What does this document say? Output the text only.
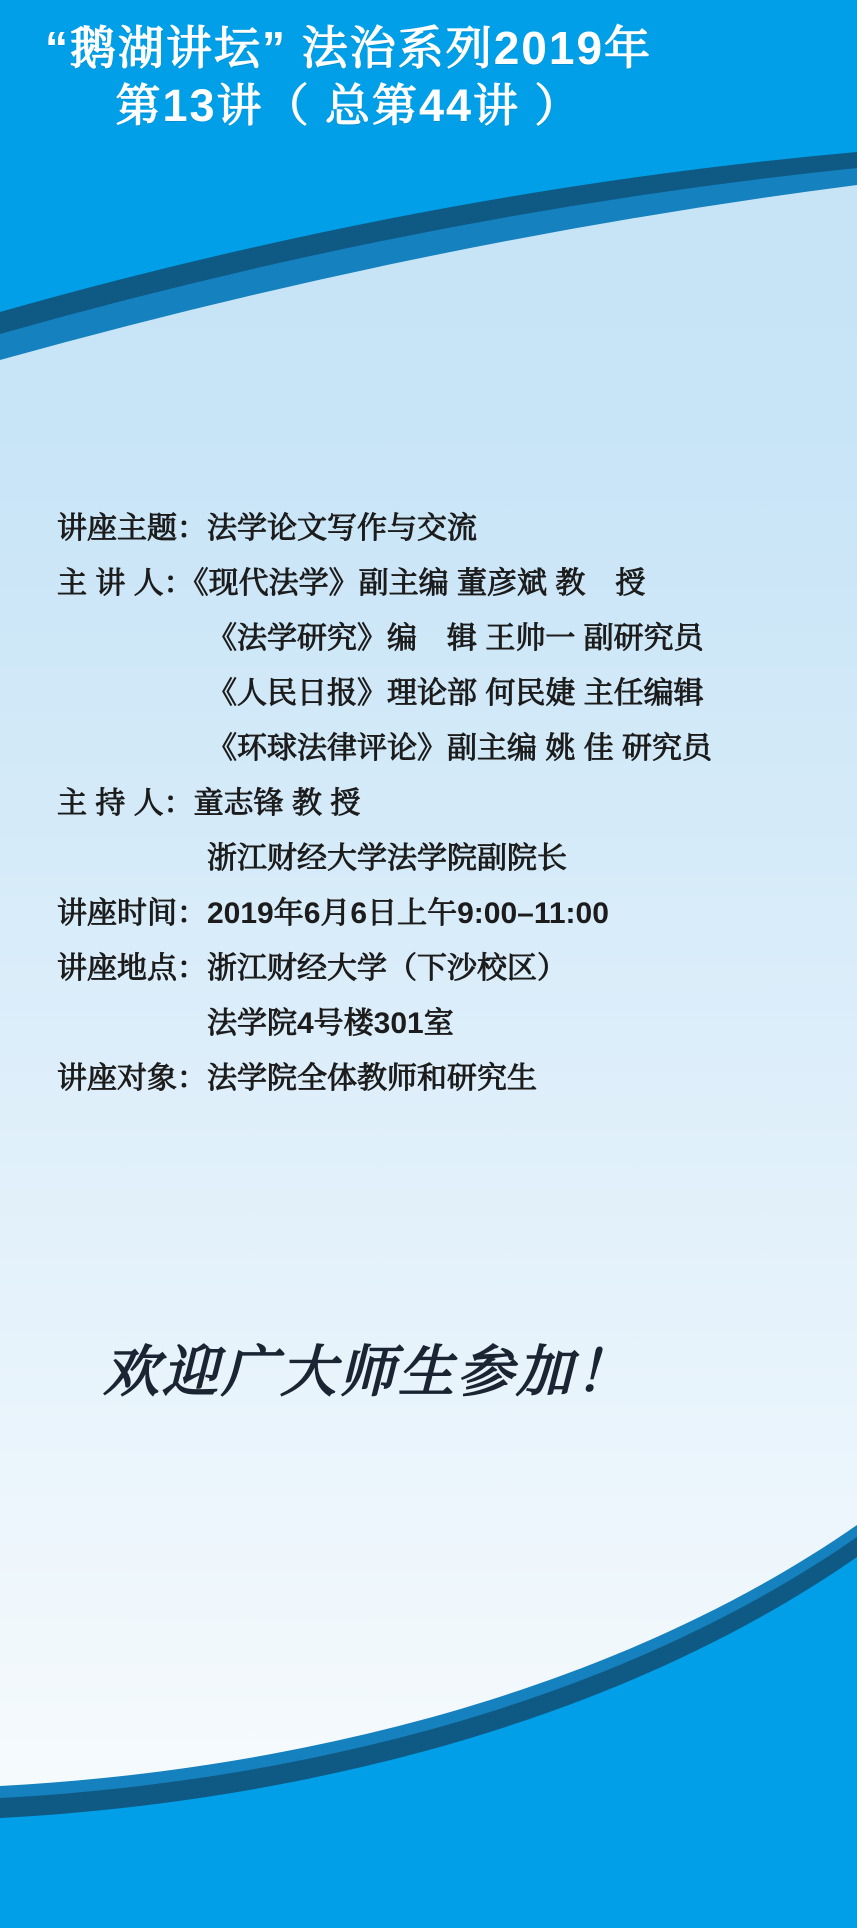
“鹅湖讲坛” 法治系列2019年
第13讲（ 总第44讲 ）
讲座主题：法学论文写作与交流
主 讲 人：《现代法学》副主编 董彦斌 教　授
《法学研究》编　辑 王帅一 副研究员
《人民日报》理论部 何民婕 主任编辑
《环球法律评论》副主编 姚 佳 研究员
主 持 人：童志锋 教 授
浙江财经大学法学院副院长
讲座时间：2019年6月6日上午9:00–11:00
讲座地点：浙江财经大学（下沙校区）
法学院4号楼301室
讲座对象：法学院全体教师和研究生
欢迎广大师生参加！
